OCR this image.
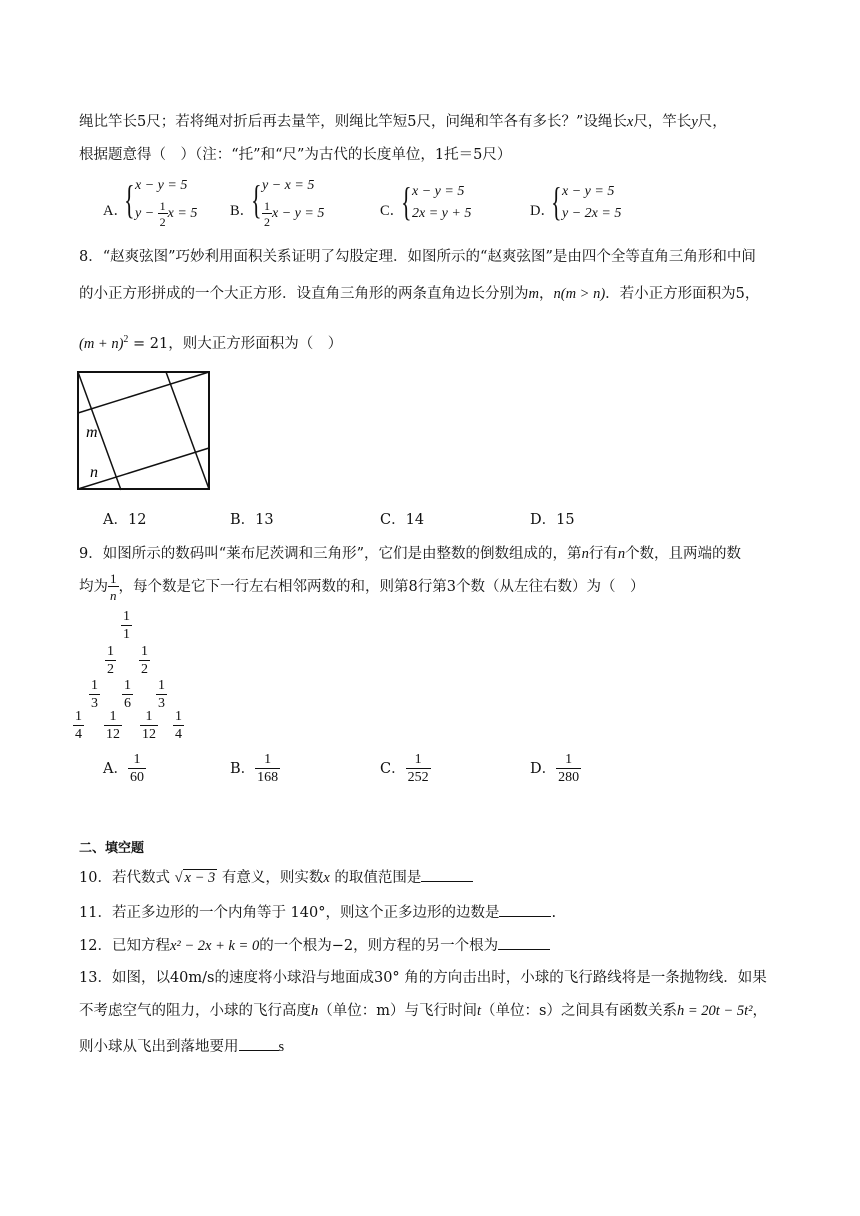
绳比竿长5尺；若将绳对折后再去量竿，则绳比竿短5尺，问绳和竿各有多长？”设绳长x尺，竿长y尺，
根据题意得（　）（注：“托”和“尺”为古代的长度单位，1托＝5尺）
A．
{ x − y = 5
$y - \frac{1}{2}$ x = 5 B．
{ y − x = 5
$\frac{1}{2}$ x − y = 5	C．
{ x − y = 5
2x = y + 5	D．
{ x − y = 5
y − 2x = 5
8．“赵爽弦图”巧妙利用面积关系证明了勾股定理．如图所示的“赵爽弦图”是由四个全等直角三角形和中间
的小正方形拼成的一个大正方形．设直角三角形的两条直角边长分别为m，n(m > n)．若小正方形面积为5，
$(m + n)^2 = 21$，则大正方形面积为（　）
m
n
A．12	B．13	C．14	D．15
9．如图所示的数码叫“莱布尼茨调和三角形”，它们是由整数的倒数组成的，第n行有n个数，且两端的数
均为 $\frac{1}{n}$ ，每个数是它下一行左右相邻两数的和，则第8行第3个数（从左往右数）为（　）
$\frac{1}{1}$
$\frac{1}{2} \frac{1}{2}$
$\frac{1}{3} \frac{1}{6} \frac{1}{3}$
$\frac{1}{4} \frac{1}{12} \frac{1}{12} \frac{1}{4}$
A． $\frac{1}{60}$	B． $\frac{1}{168}$	C． $\frac{1}{252}$	D． $\frac{1}{280}$
二、填空题
10．若代数式 √ x − 3 有意义，则实数x 的取值范围是
11．若正多边形的一个内角等于 140°，则这个正多边形的边数是	.
12．已知方程x² − 2x + k = 0的一个根为−2，则方程的另一个根为
13．如图，以40m/s的速度将小球沿与地面成30° 角的方向击出时，小球的飞行路线将是一条抛物线．如果
不考虑空气的阻力，小球的飞行高度h（单位：m）与飞行时间t（单位：s）之间具有函数关系h = 20t − 5t²，
则小球从飞出到落地要用	s
